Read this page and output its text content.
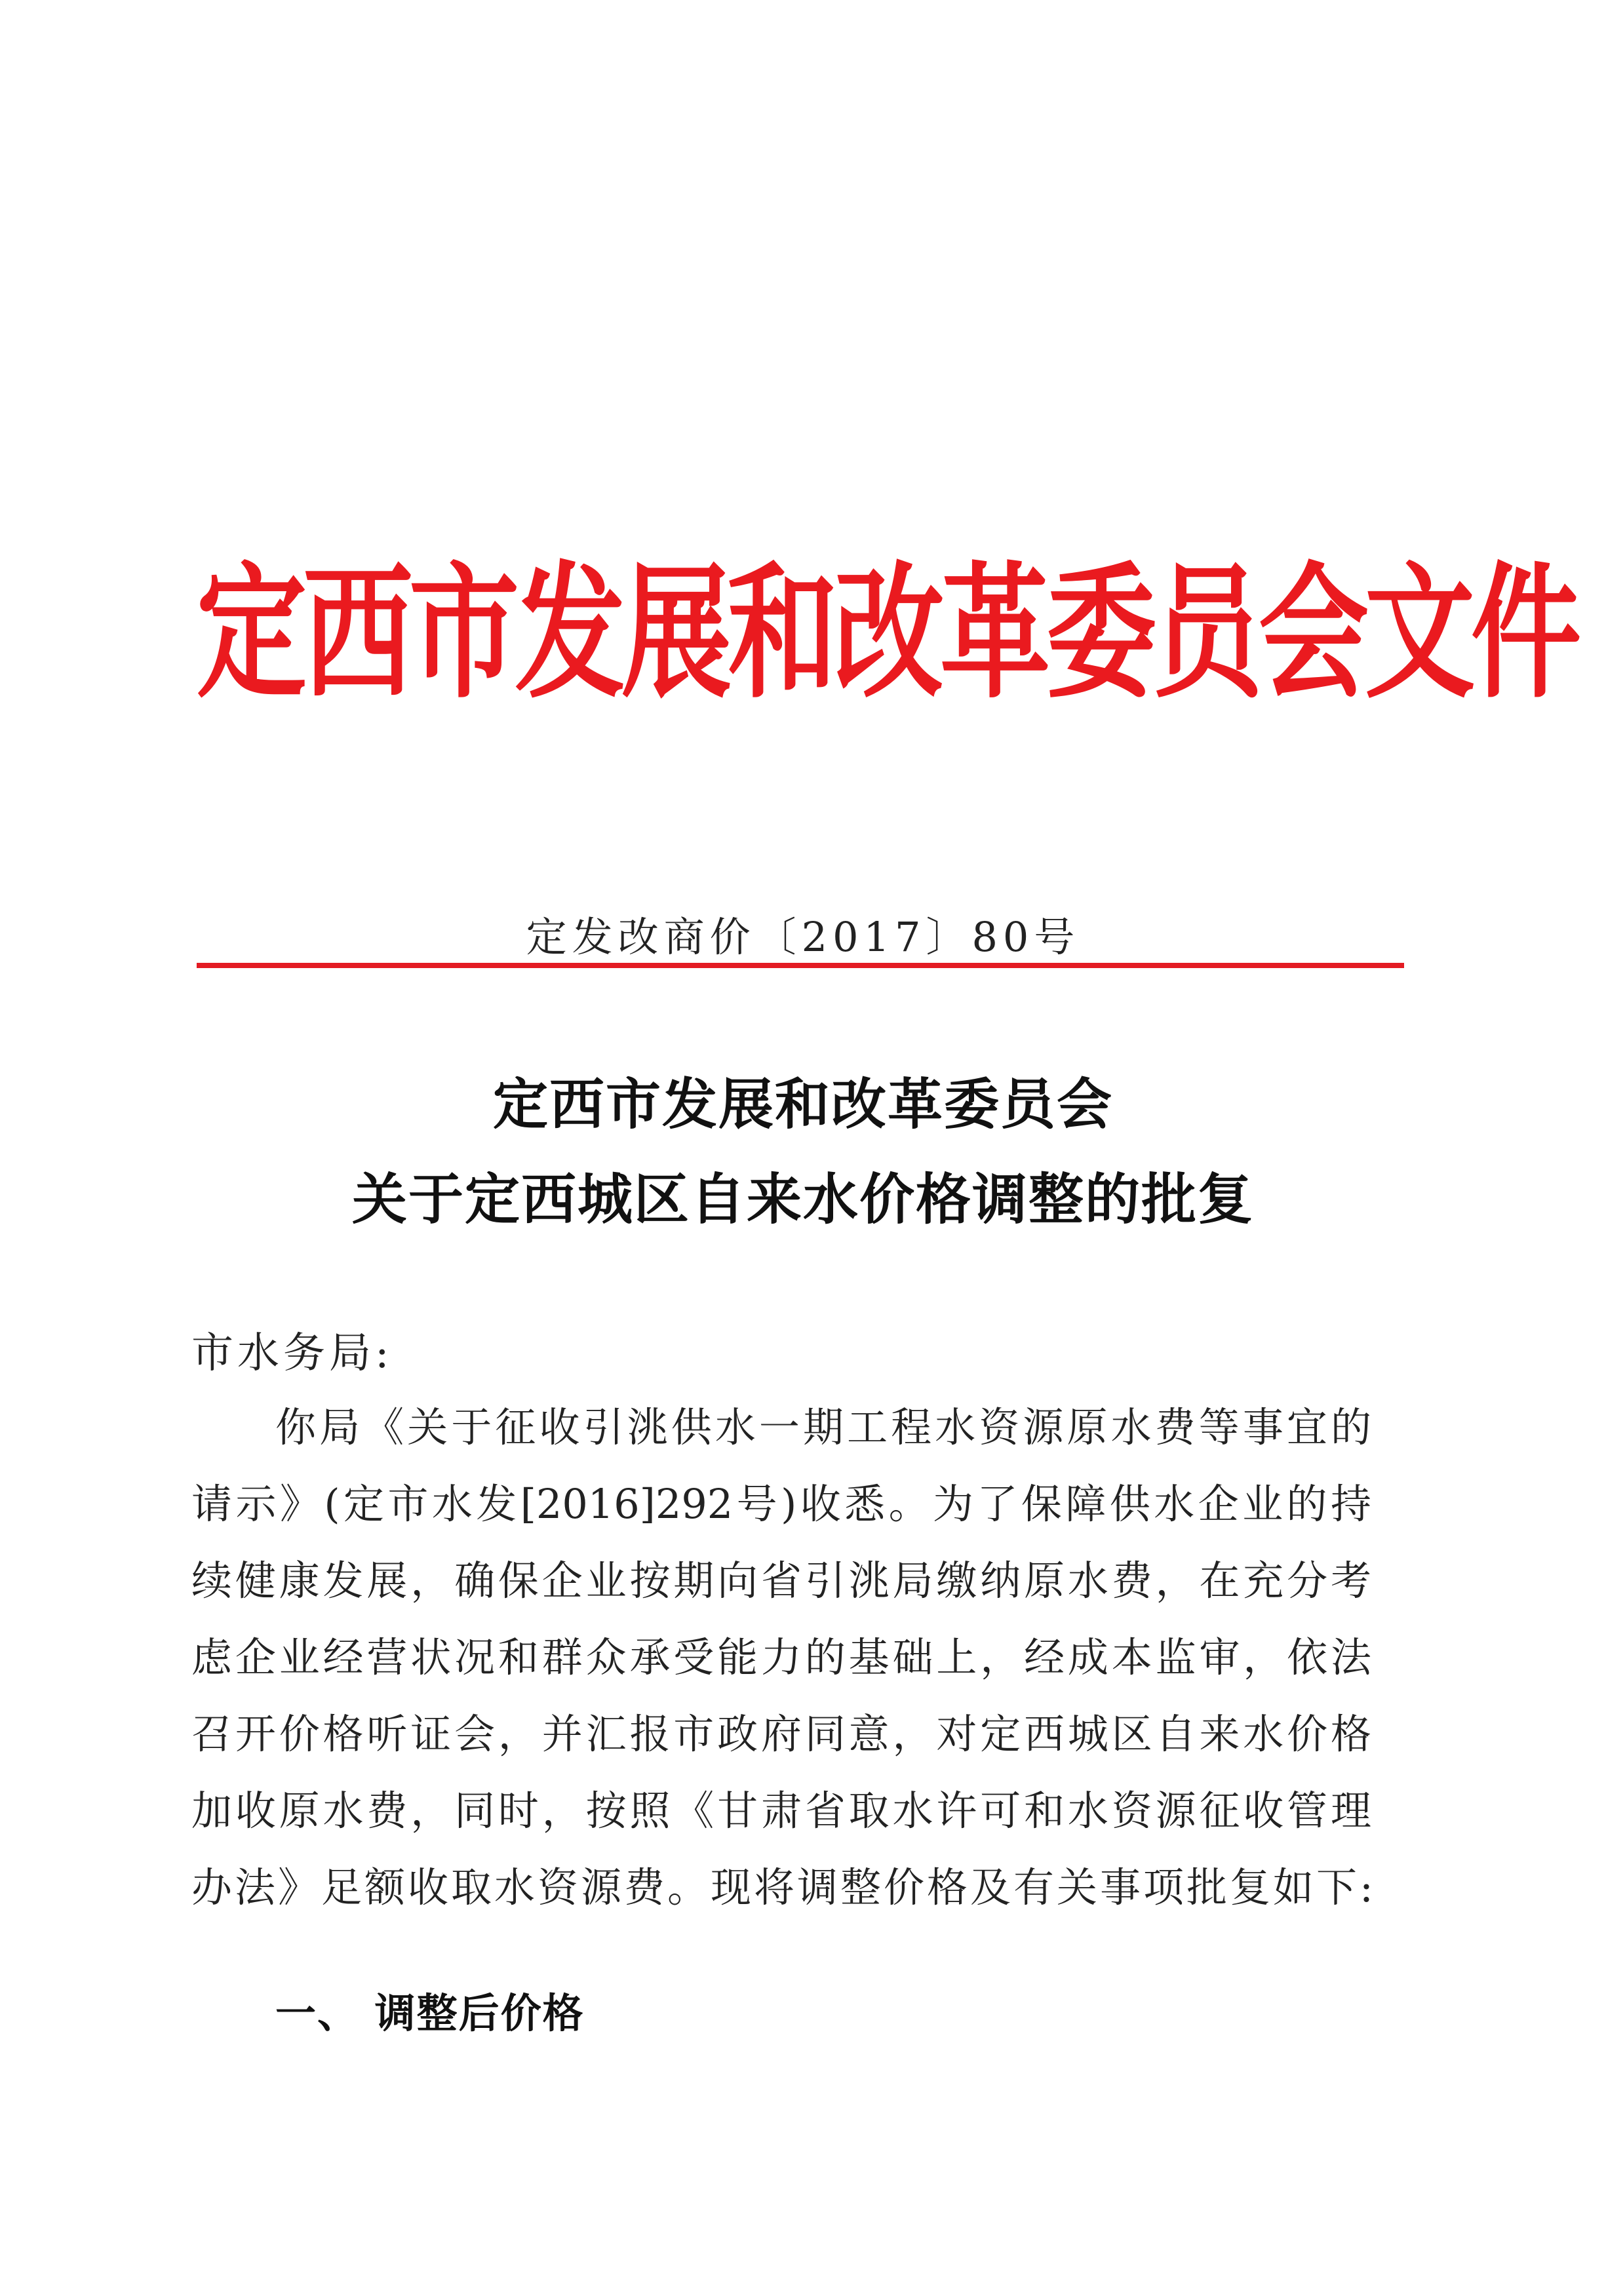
定西市发展和改革委员会文件
定发改商价〔2017〕80号
定西市发展和改革委员会
关于定西城区自来水价格调整的批复
市水务局:
你局《关于征收引洮供水一期工程水资源原水费等事宜的
请示》(定市水发[2016]292号)收悉。为了保障供水企业的持
续健康发展，确保企业按期向省引洮局缴纳原水费，在充分考
虑企业经营状况和群众承受能力的基础上，经成本监审，依法
召开价格听证会，并汇报市政府同意，对定西城区自来水价格
加收原水费，同时，按照《甘肃省取水许可和水资源征收管理
办法》足额收取水资源费。现将调整价格及有关事项批复如下:
一、 调整后价格
